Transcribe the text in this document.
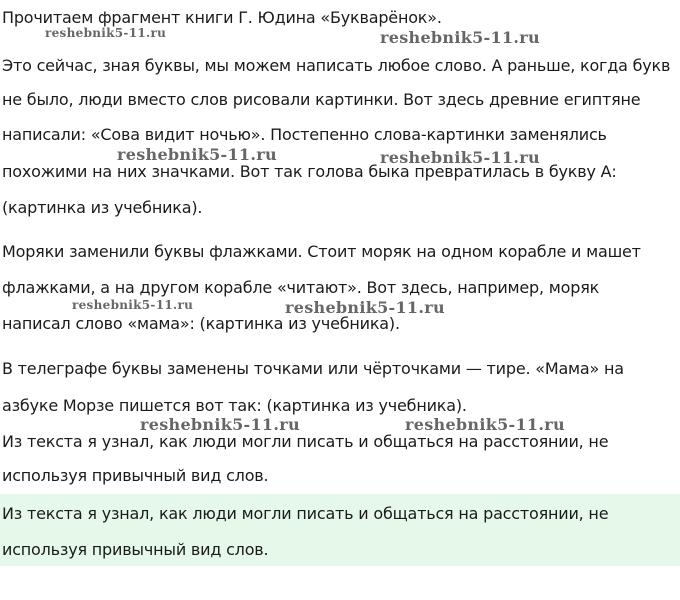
Прочитаем фрагмент книги Г. Юдина «Букварёнок».
Это сейчас, зная буквы, мы можем написать любое слово. А раньше, когда букв
не было, люди вместо слов рисовали картинки. Вот здесь древние египтяне
написали: «Сова видит ночью». Постепенно слова-картинки заменялись
похожими на них значками. Вот так голова быка превратилась в букву А:
(картинка из учебника).
Моряки заменили буквы флажками. Стоит моряк на одном корабле и машет
флажками, а на другом корабле «читают». Вот здесь, например, моряк
написал слово «мама»: (картинка из учебника).
В телеграфе буквы заменены точками или чёрточками — тире. «Мама» на
азбуке Морзе пишется вот так: (картинка из учебника).
Из текста я узнал, как люди могли писать и общаться на расстоянии, не
используя привычный вид слов.
Из текста я узнал, как люди могли писать и общаться на расстоянии, не
используя привычный вид слов.
reshebnik5-11.ru	reshebnik5-11.ru
reshebnik5-11.ru	reshebnik5-11.ru
reshebnik5-11.ru	reshebnik5-11.ru
reshebnik5-11.ru	reshebnik5-11.ru
